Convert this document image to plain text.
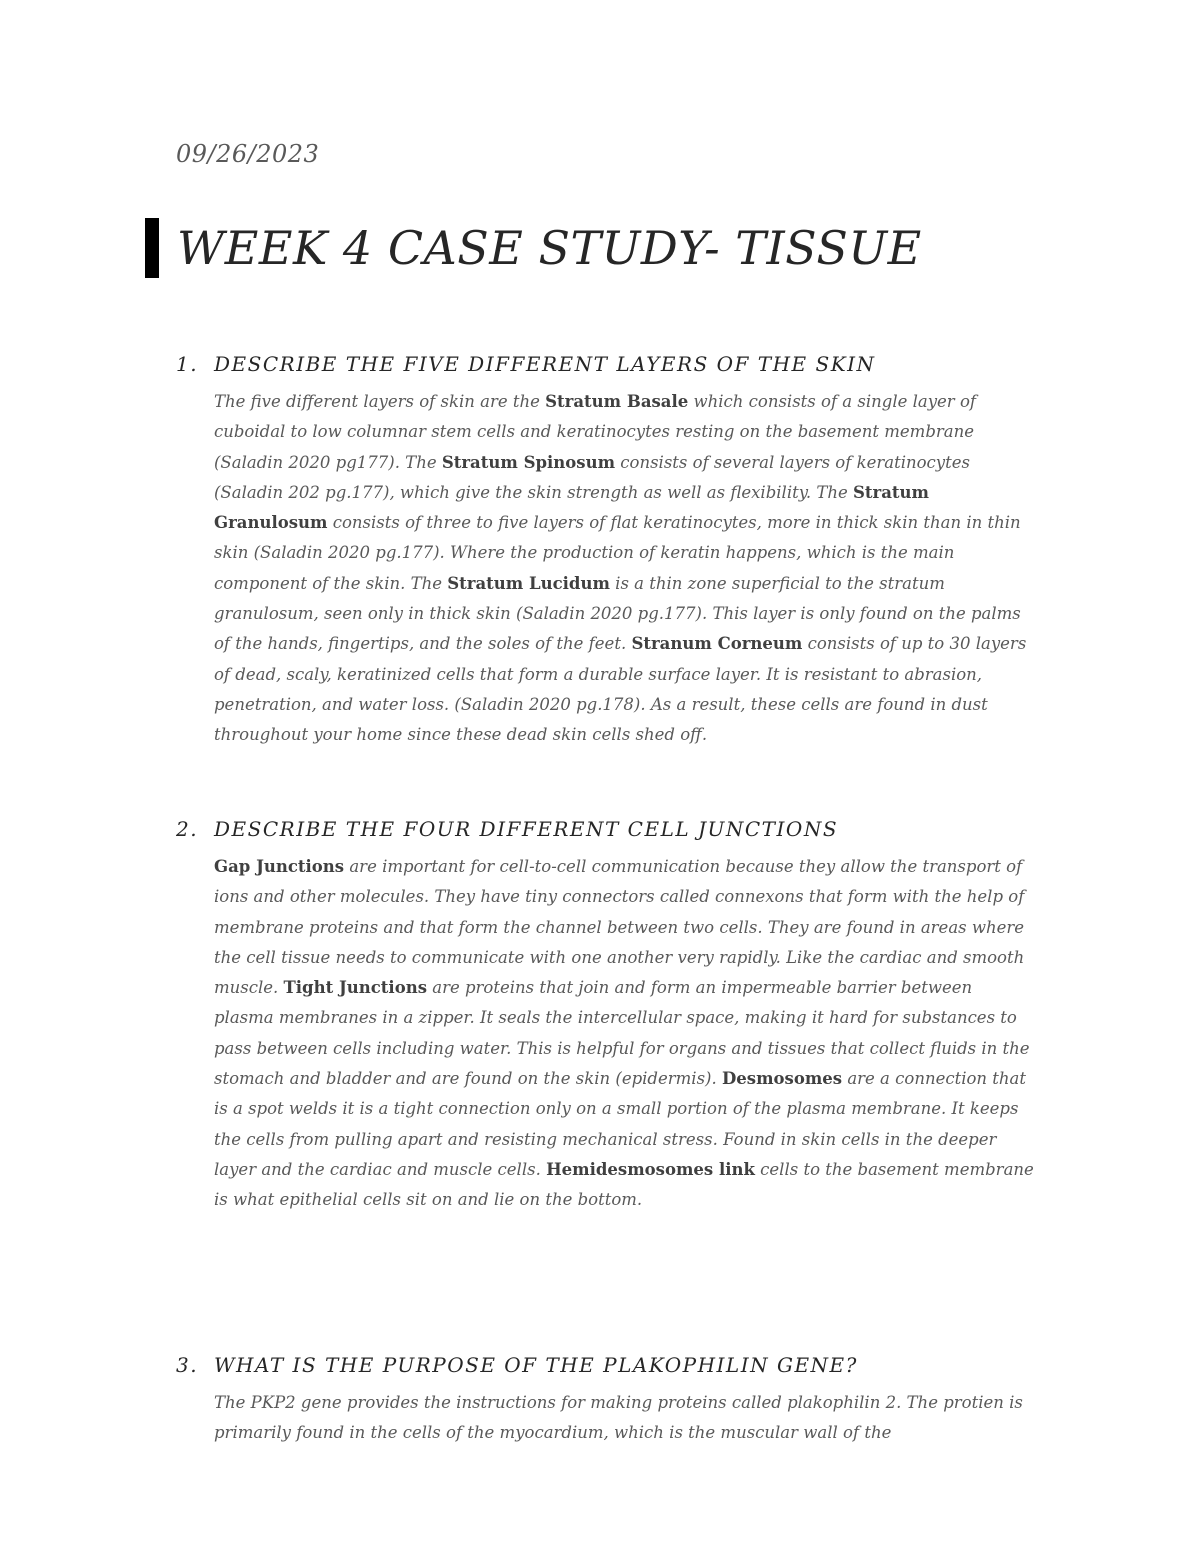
09/26/2023
WEEK 4 CASE STUDY- TISSUE
1. DESCRIBE THE FIVE DIFFERENT LAYERS OF THE SKIN
The five different layers of skin are the Stratum Basale which consists of a single layer of cuboidal to low columnar stem cells and keratinocytes resting on the basement membrane (Saladin 2020 pg177). The Stratum Spinosum consists of several layers of keratinocytes (Saladin 202 pg.177), which give the skin strength as well as flexibility. The Stratum Granulosum consists of three to five layers of flat keratinocytes, more in thick skin than in thin skin (Saladin 2020 pg.177). Where the production of keratin happens, which is the main component of the skin. The Stratum Lucidum is a thin zone superficial to the stratum granulosum, seen only in thick skin (Saladin 2020 pg.177). This layer is only found on the palms of the hands, fingertips, and the soles of the feet. Stranum Corneum consists of up to 30 layers of dead, scaly, keratinized cells that form a durable surface layer. It is resistant to abrasion, penetration, and water loss. (Saladin 2020 pg.178). As a result, these cells are found in dust throughout your home since these dead skin cells shed off.
2. DESCRIBE THE FOUR DIFFERENT CELL JUNCTIONS
Gap Junctions are important for cell-to-cell communication because they allow the transport of ions and other molecules. They have tiny connectors called connexons that form with the help of membrane proteins and that form the channel between two cells. They are found in areas where the cell tissue needs to communicate with one another very rapidly. Like the cardiac and smooth muscle. Tight Junctions are proteins that join and form an impermeable barrier between plasma membranes in a zipper. It seals the intercellular space, making it hard for substances to pass between cells including water. This is helpful for organs and tissues that collect fluids in the stomach and bladder and are found on the skin (epidermis). Desmosomes are a connection that is a spot welds it is a tight connection only on a small portion of the plasma membrane. It keeps the cells from pulling apart and resisting mechanical stress. Found in skin cells in the deeper layer and the cardiac and muscle cells. Hemidesmosomes link cells to the basement membrane is what epithelial cells sit on and lie on the bottom.
3. WHAT IS THE PURPOSE OF THE PLAKOPHILIN GENE?
The PKP2 gene provides the instructions for making proteins called plakophilin 2. The protien is primarily found in the cells of the myocardium, which is the muscular wall of the
